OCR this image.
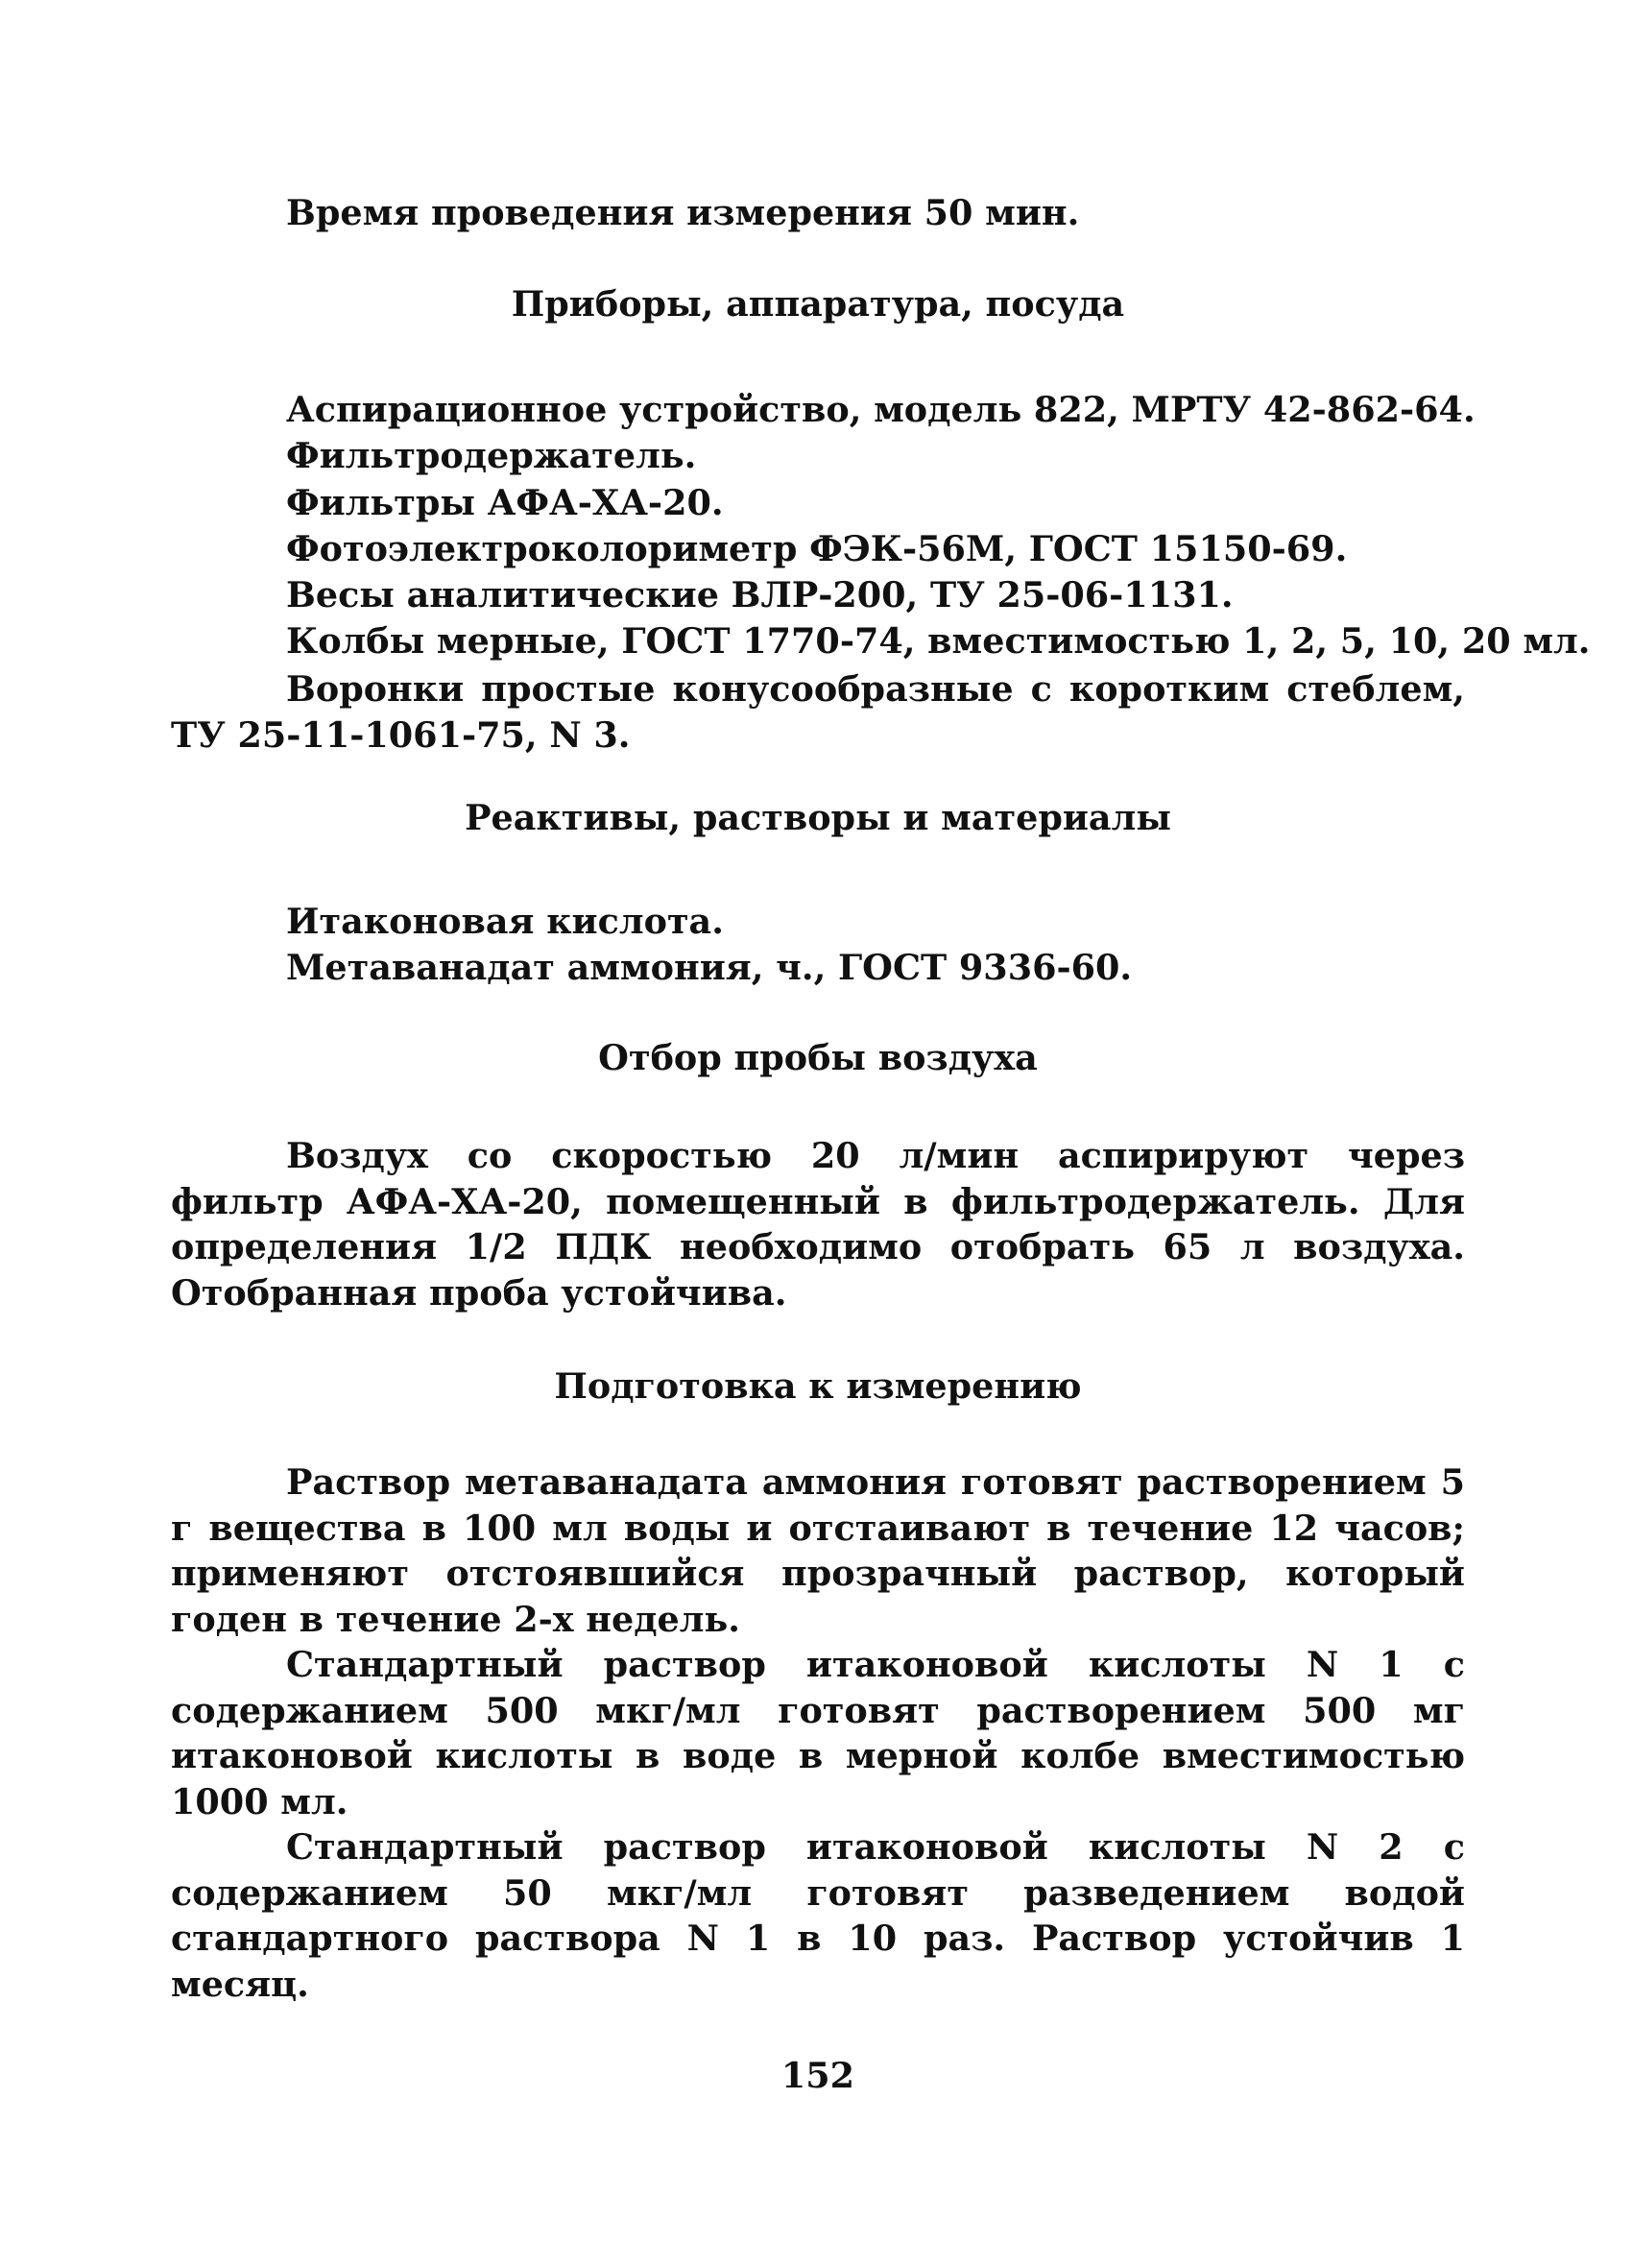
Время проведения измерения 50 мин.
Приборы, аппаратура, посуда
Аспирационное устройство, модель 822, МРТУ 42-862-64.
Фильтродержатель.
Фильтры АФА-ХА-20.
Фотоэлектроколориметр ФЭК-56М, ГОСТ 15150-69.
Весы аналитические ВЛР-200, ТУ 25-06-1131.
Колбы мерные, ГОСТ 1770-74, вместимостью 1, 2, 5, 10, 20 мл.

Воронки простые конусообразные с коротким стеблем, ТУ 25-11-1061-75, N 3.

Реактивы, растворы и материалы
Итаконовая кислота.
Метаванадат аммония, ч., ГОСТ 9336-60.
Отбор пробы воздуха

Воздух со скоростью 20 л/мин аспирируют через фильтр АФА-ХА-20, помещенный в фильтродержатель. Для определения 1/2 ПДК необходимо отобрать 65 л воздуха. Отобранная проба устойчива.

Подготовка к измерению

Раствор метаванадата аммония готовят растворением 5 г вещества в 100 мл воды и отстаивают в течение 12 часов; применяют отстоявшийся прозрачный раствор, который годен в течение 2-х недель.

Стандартный раствор итаконовой кислоты N 1 с содержанием 500 мкг/мл готовят растворением 500 мг итаконовой кислоты в воде в мерной колбе вместимостью 1000 мл.

Стандартный раствор итаконовой кислоты N 2 с содержанием 50 мкг/мл готовят разведением водой стандартного раствора N 1 в 10 раз. Раствор устойчив 1 месяц.

152
